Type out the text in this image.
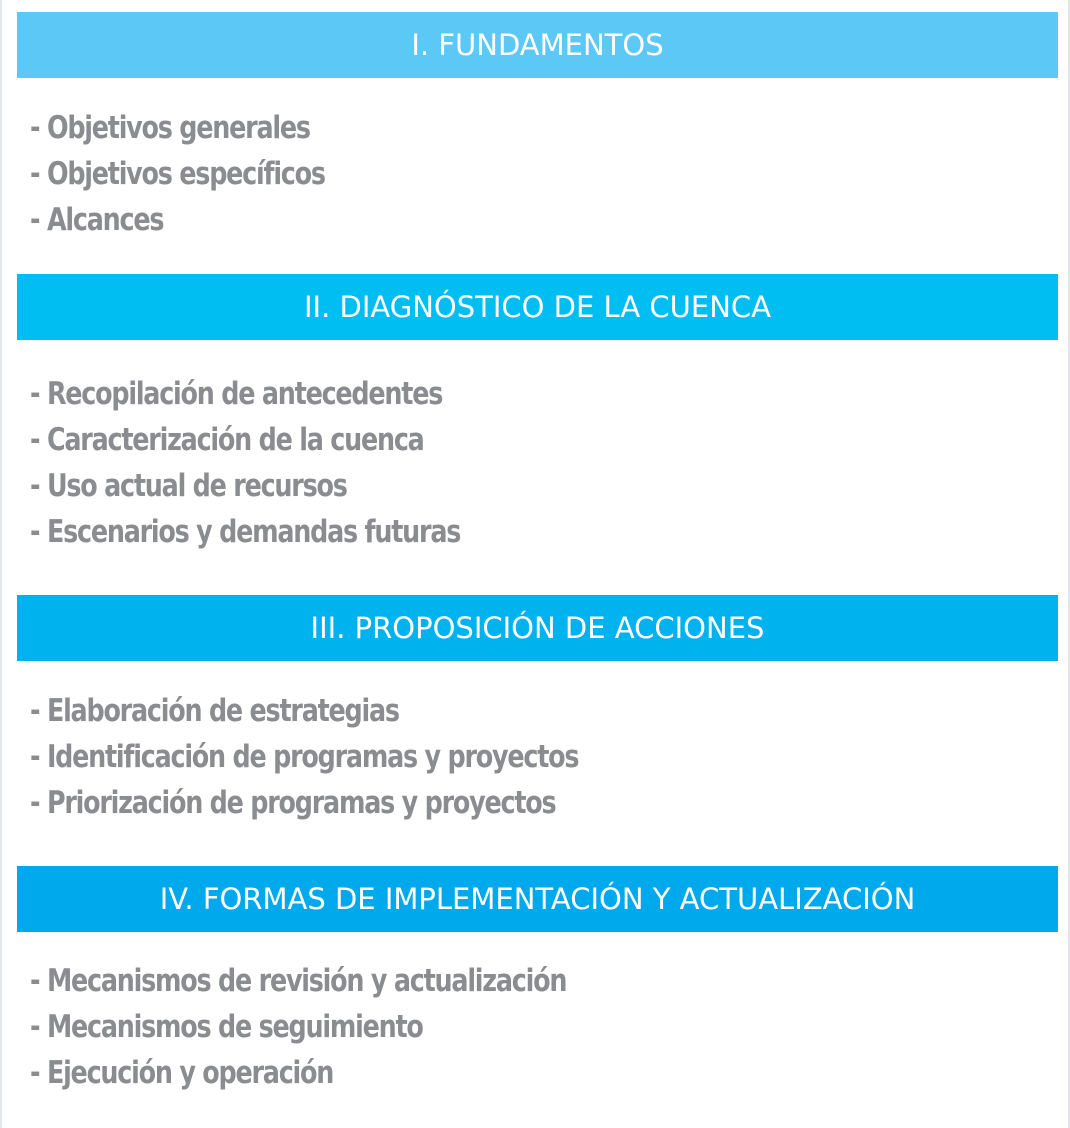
I. FUNDAMENTOS
- Objetivos generales
- Objetivos específicos
- Alcances
II. DIAGNÓSTICO DE LA CUENCA
- Recopilación de antecedentes
- Caracterización de la cuenca
- Uso actual de recursos
- Escenarios y demandas futuras
III. PROPOSICIÓN DE ACCIONES
- Elaboración de estrategias
- Identificación de programas y proyectos
- Priorización de programas y proyectos
IV. FORMAS DE IMPLEMENTACIÓN Y ACTUALIZACIÓN
- Mecanismos de revisión y actualización
- Mecanismos de seguimiento
- Ejecución y operación
